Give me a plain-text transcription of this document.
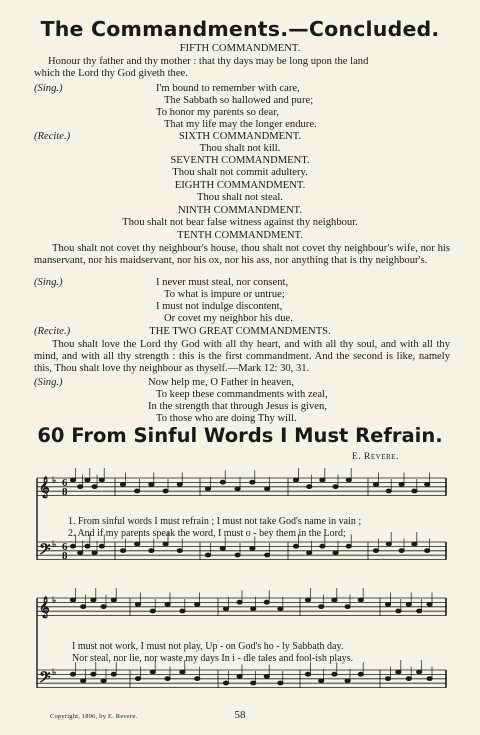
The Commandments.—Concluded.
FIFTH COMMANDMENT.
Honour thy father and thy mother : that thy days may be long upon the land
which the Lord thy God giveth thee.
(Sing.)	I'm bound to remember with care,
The Sabbath so hallowed and pure;
To honor my parents so dear,
That my life may the longer endure.
(Recite.)	SIXTH COMMANDMENT.
Thou shalt not kill.
SEVENTH COMMANDMENT.
Thou shalt not commit adultery.
EIGHTH COMMANDMENT.
Thou shalt not steal.
NINTH COMMANDMENT.
Thou shalt not bear false witness against thy neighbour.
TENTH COMMANDMENT.
Thou shalt not covet thy neighbour's house, thou shalt not covet thy neighbour's wife, nor his manservant, nor his maidservant, nor his ox, nor his ass, nor anything that is thy neighbour's.
(Sing.)	I never must steal, nor consent,
To what is impure or untrue;
I must not indulge discontent,
Or covet my neighbor his due.
(Recite.)	THE TWO GREAT COMMANDMENTS.
Thou shalt love the Lord thy God with all thy heart, and with all thy soul, and with all thy mind, and with all thy strength : this is the first commandment. And the second is like, namely this, Thou shalt love thy neighbour as thyself.—Mark 12: 30, 31.
(Sing.)	Now help me, O Father in heaven,
To keep these commandments with zeal,
In the strength that through Jesus is given,
To those who are doing Thy will.
60 From Sinful Words I Must Refrain.
E. Revere.
6
8
𝄞 ♭
6
8
𝄢 ♭
𝄞 ♭
𝄢 ♭
1. From sinful words I must refrain ; I must not take God's name in vain ;
2. And if my parents speak the word, I must o - bey them in the Lord;
I must not work, I must not play, Up - on God's ho - ly Sabbath day.
Nor steal, nor lie, nor waste my days In i - dle tales and fool-ish plays.
Copyright, 1896, by E. Revere.	58
